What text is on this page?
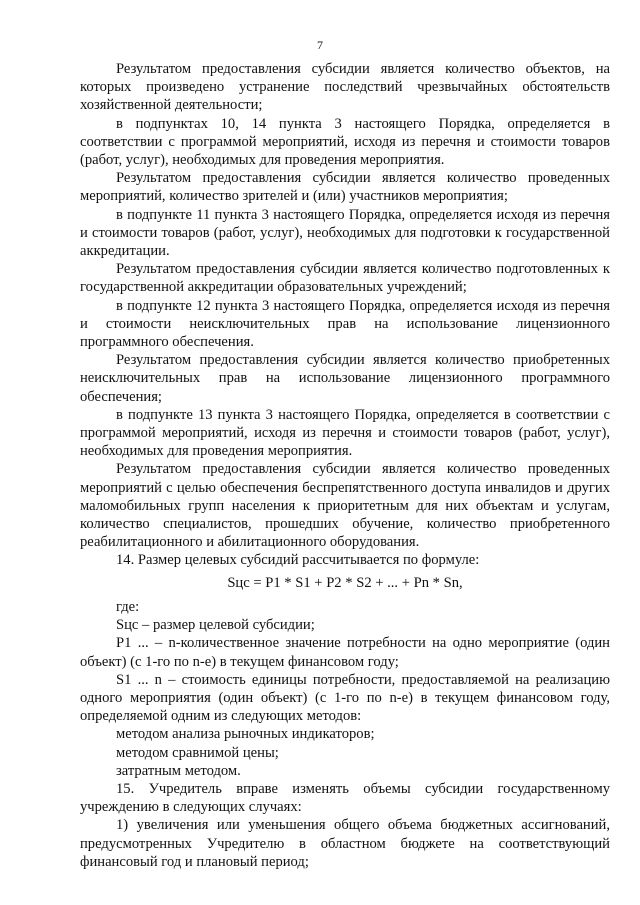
7

Результатом предоставления субсидии является количество объектов, на которых произведено устранение последствий чрезвычайных обстоятельств хозяйственной деятельности;

в подпунктах 10, 14 пункта 3 настоящего Порядка, определяется в соответствии с программой мероприятий, исходя из перечня и стоимости товаров (работ, услуг), необходимых для проведения мероприятия.

Результатом предоставления субсидии является количество проведенных мероприятий, количество зрителей и (или) участников мероприятия;

в подпункте 11 пункта 3 настоящего Порядка, определяется исходя из перечня и стоимости товаров (работ, услуг), необходимых для подготовки к государственной аккредитации.

Результатом предоставления субсидии является количество подготовленных к государственной аккредитации образовательных учреждений;

в подпункте 12 пункта 3 настоящего Порядка, определяется исходя из перечня и стоимости неисключительных прав на использование лицензионного программного обеспечения.

Результатом предоставления субсидии является количество приобретенных неисключительных прав на использование лицензионного программного обеспечения;

в подпункте 13 пункта 3 настоящего Порядка, определяется в соответствии с программой мероприятий, исходя из перечня и стоимости товаров (работ, услуг), необходимых для проведения мероприятия.

Результатом предоставления субсидии является количество проведенных мероприятий с целью обеспечения беспрепятственного доступа инвалидов и других маломобильных групп населения к приоритетным для них объектам и услугам, количество специалистов, прошедших обучение, количество приобретенного реабилитационного и абилитационного оборудования.

14. Размер целевых субсидий рассчитывается по формуле:

Sцс = P1 * S1 + P2 * S2 + ... + Pn * Sn,

где:

Sцс – размер целевой субсидии;

P1 ... – n-количественное значение потребности на одно мероприятие (один объект) (с 1-го по n-е) в текущем финансовом году;

S1 ... n – стоимость единицы потребности, предоставляемой на реализацию одного мероприятия (один объект) (с 1-го по n-е) в текущем финансовом году, определяемой одним из следующих методов:

методом анализа рыночных индикаторов;

методом сравнимой цены;

затратным методом.

15. Учредитель вправе изменять объемы субсидии государственному учреждению в следующих случаях:

1) увеличения или уменьшения общего объема бюджетных ассигнований, предусмотренных Учредителю в областном бюджете на соответствующий финансовый год и плановый период;
